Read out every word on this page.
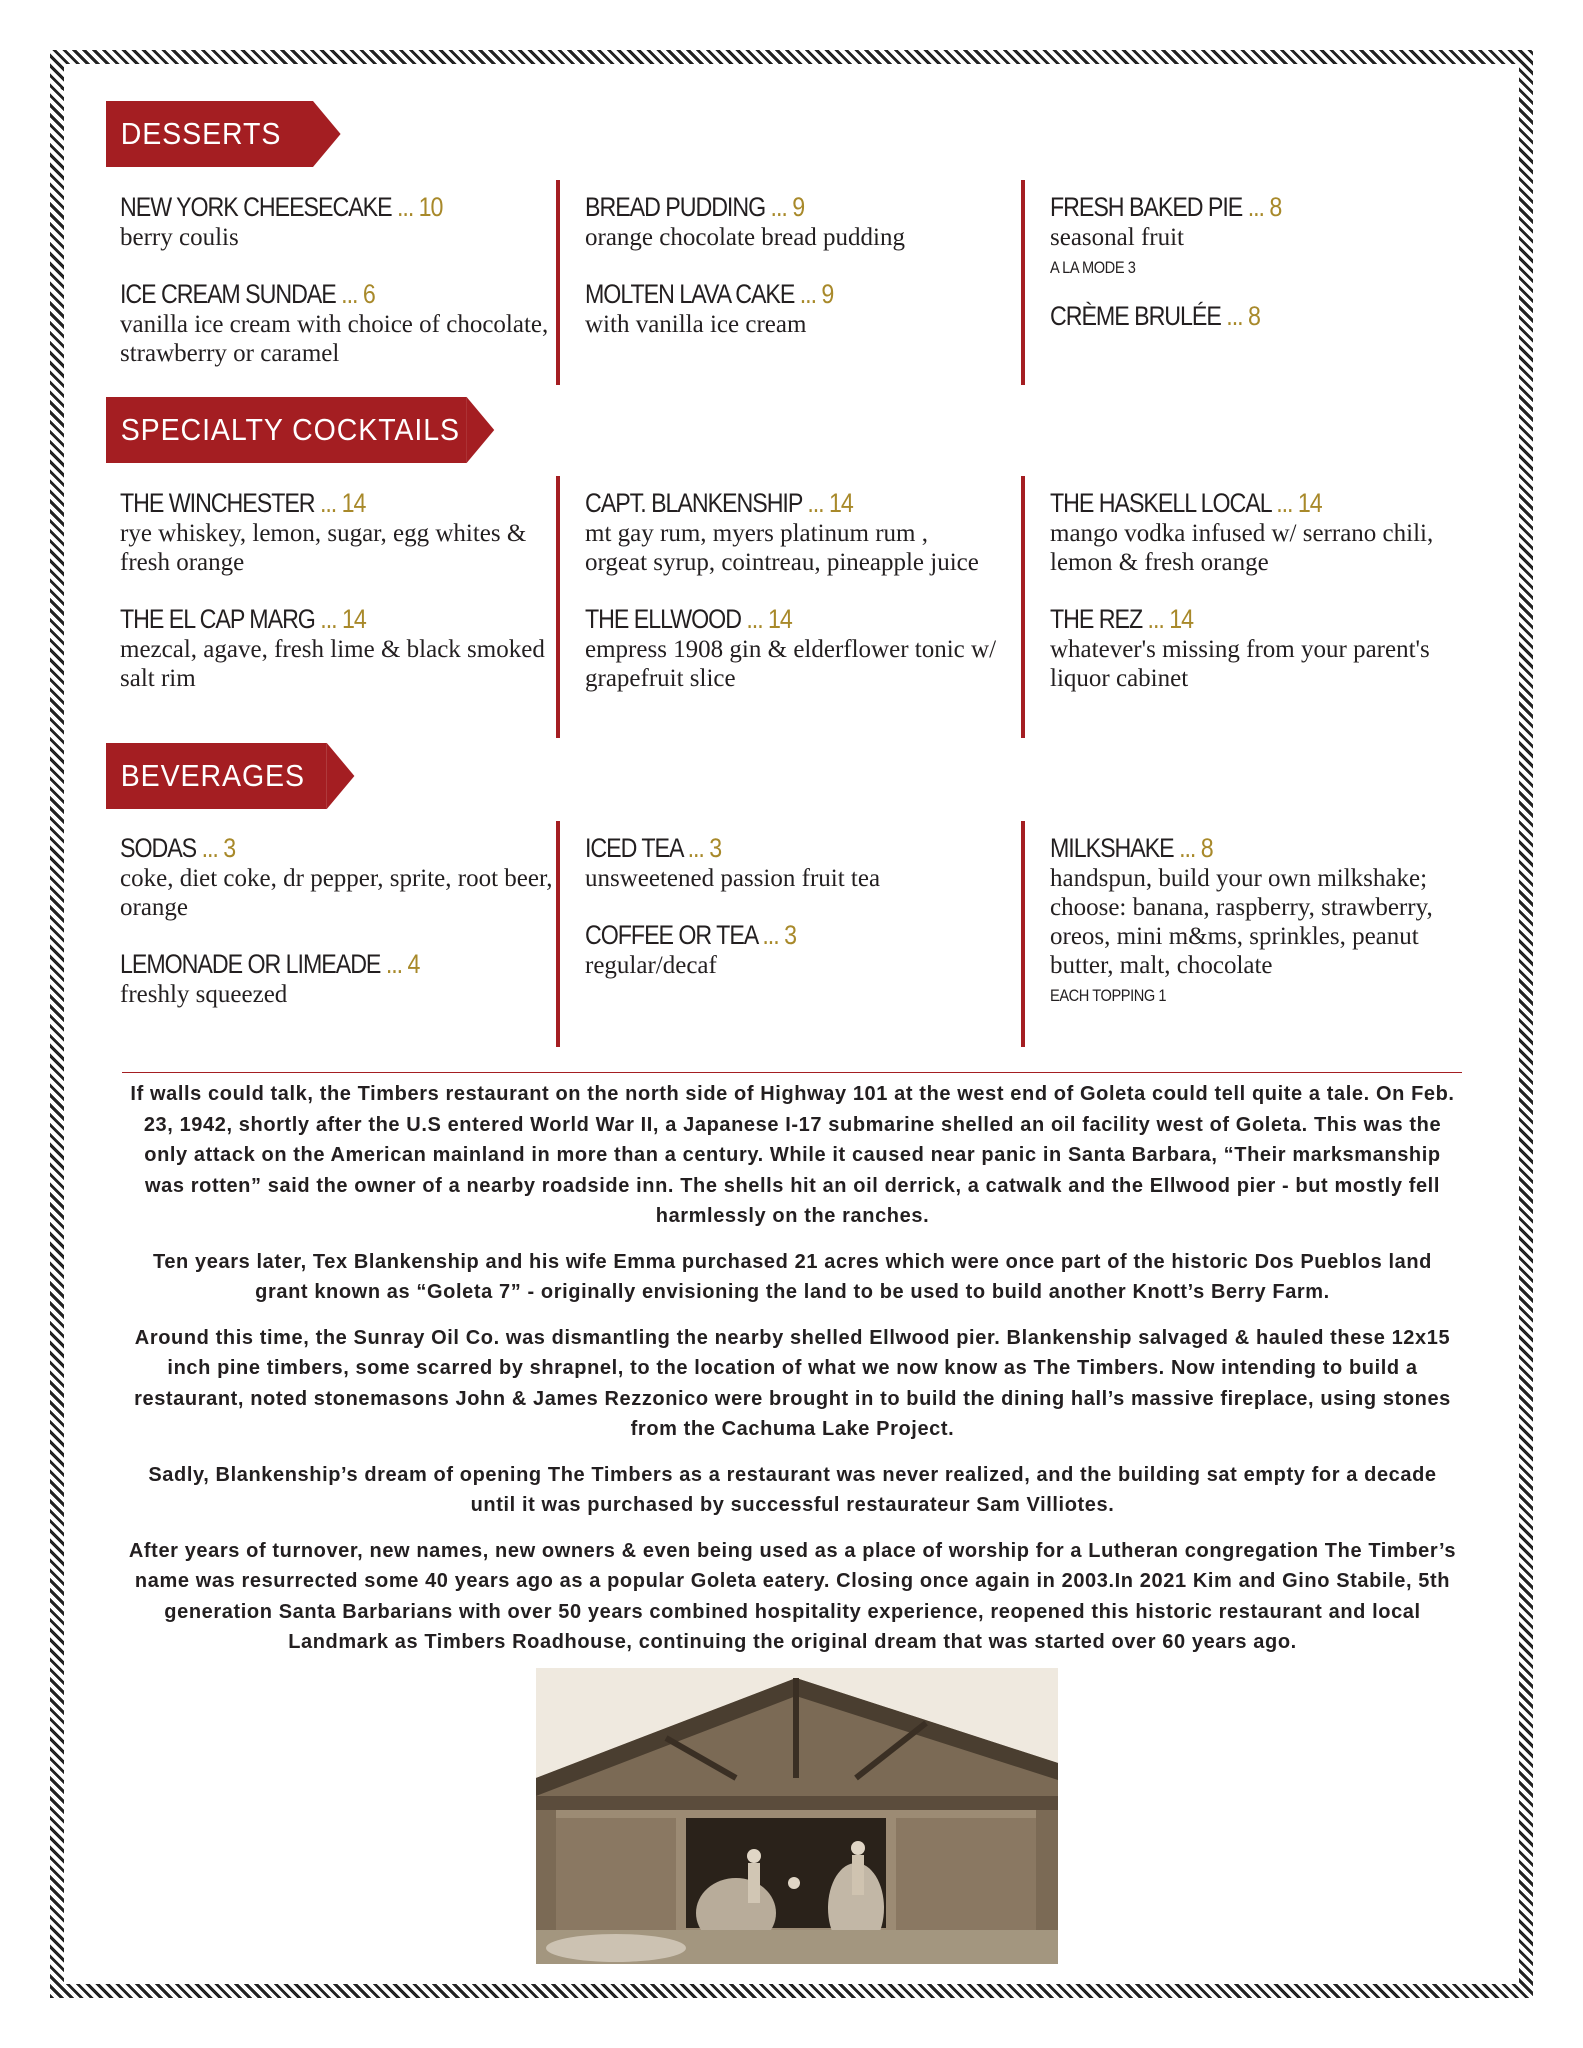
DESSERTS
NEW YORK CHEESECAKE ... 10
berry coulis
ICE CREAM SUNDAE ... 6
vanilla ice cream with choice of chocolate, strawberry or caramel
BREAD PUDDING ... 9
orange chocolate bread pudding
MOLTEN LAVA CAKE ... 9
with vanilla ice cream
FRESH BAKED PIE ... 8
seasonal fruit
A LA MODE 3
CRÈME BRULÉE ... 8
SPECIALTY COCKTAILS
THE WINCHESTER ... 14
rye whiskey, lemon, sugar, egg whites & fresh orange
THE EL CAP MARG ... 14
mezcal, agave, fresh lime & black smoked salt rim
CAPT. BLANKENSHIP ... 14
mt gay rum, myers platinum rum , orgeat syrup, cointreau, pineapple juice
THE ELLWOOD ... 14
empress 1908 gin & elderflower tonic w/ grapefruit slice
THE HASKELL LOCAL ... 14
mango vodka infused w/ serrano chili, lemon & fresh orange
THE REZ ... 14
whatever's missing from your parent's liquor cabinet
BEVERAGES
SODAS ... 3
coke, diet coke, dr pepper, sprite, root beer, orange
LEMONADE OR LIMEADE ... 4
freshly squeezed
ICED TEA ... 3
unsweetened passion fruit tea
COFFEE OR TEA ... 3
regular/decaf
MILKSHAKE ... 8
handspun, build your own milkshake; choose: banana, raspberry, strawberry, oreos, mini m&ms, sprinkles, peanut butter, malt, chocolate
EACH TOPPING 1

If walls could talk, the Timbers restaurant on the north side of Highway 101 at the west end of Goleta could tell quite a tale. On Feb. 23, 1942, shortly after the U.S entered World War II, a Japanese I-17 submarine shelled an oil facility west of Goleta. This was the only attack on the American mainland in more than a century. While it caused near panic in Santa Barbara, “Their marksmanship was rotten” said the owner of a nearby roadside inn. The shells hit an oil derrick, a catwalk and the Ellwood pier - but mostly fell harmlessly on the ranches.

Ten years later, Tex Blankenship and his wife Emma purchased 21 acres which were once part of the historic Dos Pueblos land grant known as “Goleta 7” - originally envisioning the land to be used to build another Knott’s Berry Farm.

Around this time, the Sunray Oil Co. was dismantling the nearby shelled Ellwood pier. Blankenship salvaged & hauled these 12x15 inch pine timbers, some scarred by shrapnel, to the location of what we now know as The Timbers. Now intending to build a restaurant, noted stonemasons John & James Rezzonico were brought in to build the dining hall’s massive fireplace, using stones from the Cachuma Lake Project.

Sadly, Blankenship’s dream of opening The Timbers as a restaurant was never realized, and the building sat empty for a decade until it was purchased by successful restaurateur Sam Villiotes.

After years of turnover, new names, new owners & even being used as a place of worship for a Lutheran congregation The Timber’s name was resurrected some 40 years ago as a popular Goleta eatery. Closing once again in 2003.In 2021 Kim and Gino Stabile, 5th generation Santa Barbarians with over 50 years combined hospitality experience, reopened this historic restaurant and local Landmark as Timbers Roadhouse, continuing the original dream that was started over 60 years ago.
